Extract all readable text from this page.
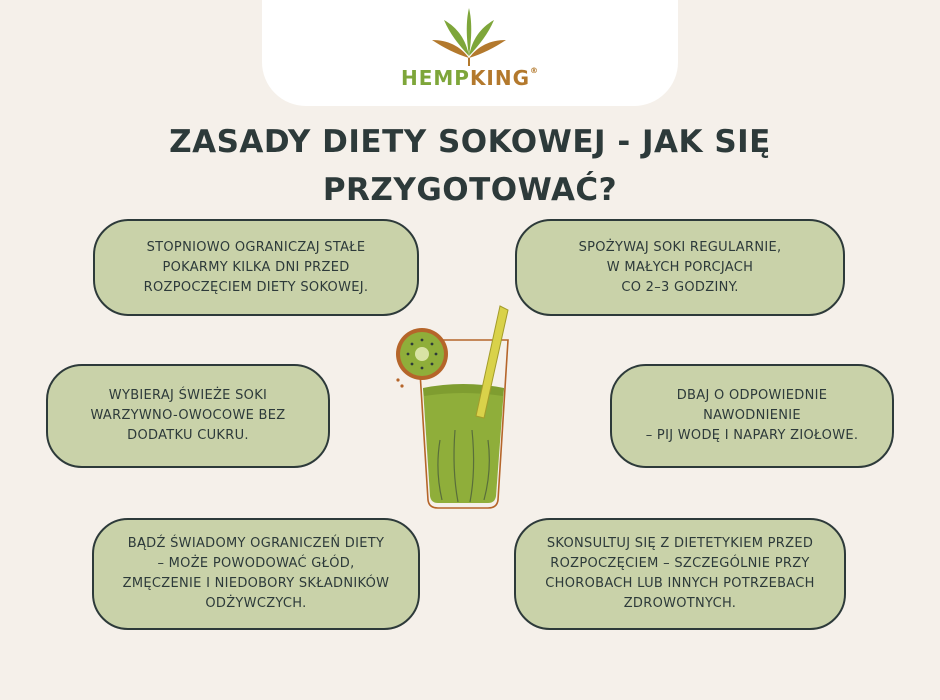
HEMPKING®
ZASADY DIETY SOKOWEJ - JAK SIĘ
PRZYGOTOWAĆ?
STOPNIOWO OGRANICZAJ STAŁE
POKARMY KILKA DNI PRZED
ROZPOCZĘCIEM DIETY SOKOWEJ.
SPOŻYWAJ SOKI REGULARNIE,
W MAŁYCH PORCJACH
CO 2–3 GODZINY.
WYBIERAJ ŚWIEŻE SOKI
WARZYWNO-OWOCOWE BEZ
DODATKU CUKRU.
DBAJ O ODPOWIEDNIE
NAWODNIENIE
– PIJ WODĘ I NAPARY ZIOŁOWE.
BĄDŹ ŚWIADOMY OGRANICZEŃ DIETY
– MOŻE POWODOWAĆ GŁÓD,
ZMĘCZENIE I NIEDOBORY SKŁADNIKÓW
ODŻYWCZYCH.
SKONSULTUJ SIĘ Z DIETETYKIEM PRZED
ROZPOCZĘCIEM – SZCZEGÓLNIE PRZY
CHOROBACH LUB INNYCH POTRZEBACH
ZDROWOTNYCH.
